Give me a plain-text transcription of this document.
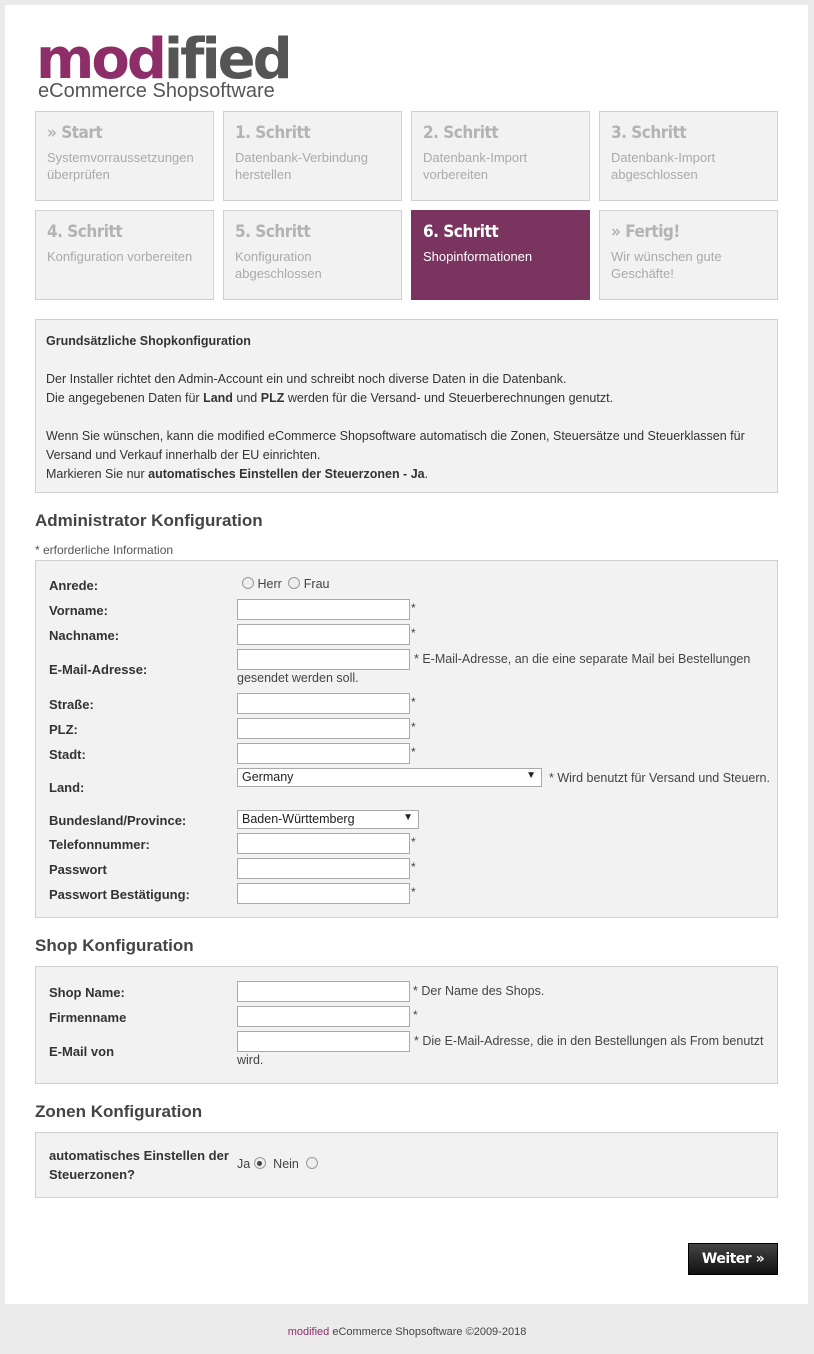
modified
eCommerce Shopsoftware
» Start
Systemvorraussetzungen überprüfen
1. Schritt
Datenbank-Verbindung herstellen
2. Schritt
Datenbank-Import vorbereiten
3. Schritt
Datenbank-Import abgeschlossen
4. Schritt
Konfiguration vorbereiten
5. Schritt
Konfiguration abgeschlossen
6. Schritt
Shopinformationen
» Fertig!
Wir wünschen gute Geschäfte!
Grundsätzliche Shopkonfiguration
Der Installer richtet den Admin-Account ein und schreibt noch diverse Daten in die Datenbank.
Die angegebenen Daten für Land und PLZ werden für die Versand- und Steuerberechnungen genutzt.
Wenn Sie wünschen, kann die modified eCommerce Shopsoftware automatisch die Zonen, Steuersätze und Steuerklassen für Versand und Verkauf innerhalb der EU einrichten.
Markieren Sie nur automatisches Einstellen der Steuerzonen - Ja.
Administrator Konfiguration
* erforderliche Information
Anrede:	Herr Frau
Vorname:	*
Nachname:	*
E-Mail-Adresse:
* E-Mail-Adresse, an die eine separate Mail bei Bestellungen gesendet werden soll.
Straße:	*
PLZ:	*
Stadt:	*
Land:
Germany	▼	* Wird benutzt für Versand und Steuern.
Bundesland/Province:	Baden-Württemberg	▼
Telefonnummer:	*
Passwort	*
Passwort Bestätigung:	*
Shop Konfiguration
Shop Name:	* Der Name des Shops.
Firmenname	*
E-Mail von
* Die E-Mail-Adresse, die in den Bestellungen als From benutzt wird.
Zonen Konfiguration
automatisches Einstellen der Steuerzonen?
Ja Nein
Weiter »
modified eCommerce Shopsoftware ©2009-2018
